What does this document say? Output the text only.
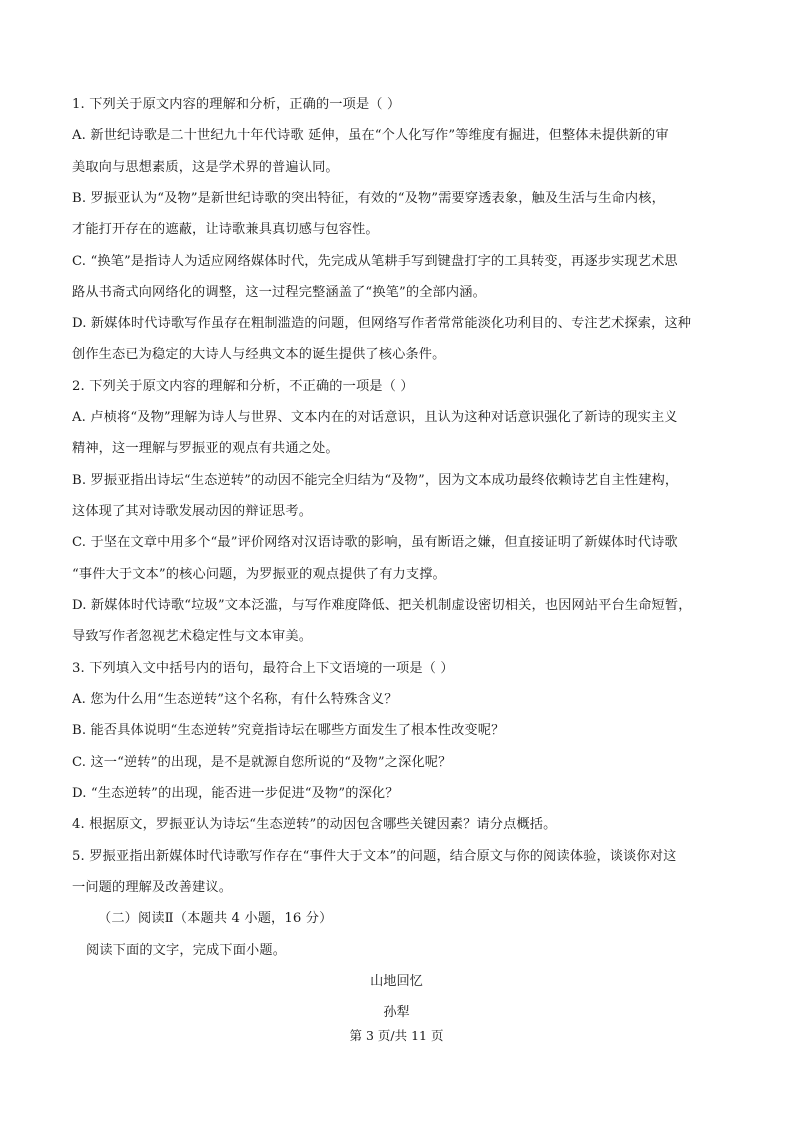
1. 下列关于原文内容的理解和分析，正确的一项是（ ）
A. 新世纪诗歌是二十世纪九十年代诗歌 延伸，虽在“个人化写作”等维度有掘进，但整体未提供新的审
美取向与思想素质，这是学术界的普遍认同。
B. 罗振亚认为“及物”是新世纪诗歌的突出特征，有效的“及物”需要穿透表象，触及生活与生命内核，
才能打开存在的遮蔽，让诗歌兼具真切感与包容性。
C. “换笔”是指诗人为适应网络媒体时代，先完成从笔耕手写到键盘打字的工具转变，再逐步实现艺术思
路从书斋式向网络化的调整，这一过程完整涵盖了“换笔”的全部内涵。
D. 新媒体时代诗歌写作虽存在粗制滥造的问题，但网络写作者常常能淡化功利目的、专注艺术探索，这种
创作生态已为稳定的大诗人与经典文本的诞生提供了核心条件。
2. 下列关于原文内容的理解和分析，不正确的一项是（ ）
A. 卢桢将“及物”理解为诗人与世界、文本内在的对话意识，且认为这种对话意识强化了新诗的现实主义
精神，这一理解与罗振亚的观点有共通之处。
B. 罗振亚指出诗坛“生态逆转”的动因不能完全归结为“及物”，因为文本成功最终依赖诗艺自主性建构，
这体现了其对诗歌发展动因的辩证思考。
C. 于坚在文章中用多个“最”评价网络对汉语诗歌的影响，虽有断语之嫌，但直接证明了新媒体时代诗歌
“事件大于文本”的核心问题，为罗振亚的观点提供了有力支撑。
D. 新媒体时代诗歌“垃圾”文本泛滥，与写作难度降低、把关机制虚设密切相关，也因网站平台生命短暂，
导致写作者忽视艺术稳定性与文本审美。
3. 下列填入文中括号内的语句，最符合上下文语境的一项是（ ）
A. 您为什么用“生态逆转”这个名称，有什么特殊含义？
B. 能否具体说明“生态逆转”究竟指诗坛在哪些方面发生了根本性改变呢？
C. 这一“逆转”的出现，是不是就源自您所说的“及物”之深化呢？
D. “生态逆转”的出现，能否进一步促进“及物”的深化？
4. 根据原文，罗振亚认为诗坛“生态逆转”的动因包含哪些关键因素？请分点概括。
5. 罗振亚指出新媒体时代诗歌写作存在“事件大于文本”的问题，结合原文与你的阅读体验，谈谈你对这
一问题的理解及改善建议。
（二）阅读Ⅱ（本题共 4 小题，16 分）
阅读下面的文字，完成下面小题。
山地回忆
孙犁
第 3 页/共 11 页
